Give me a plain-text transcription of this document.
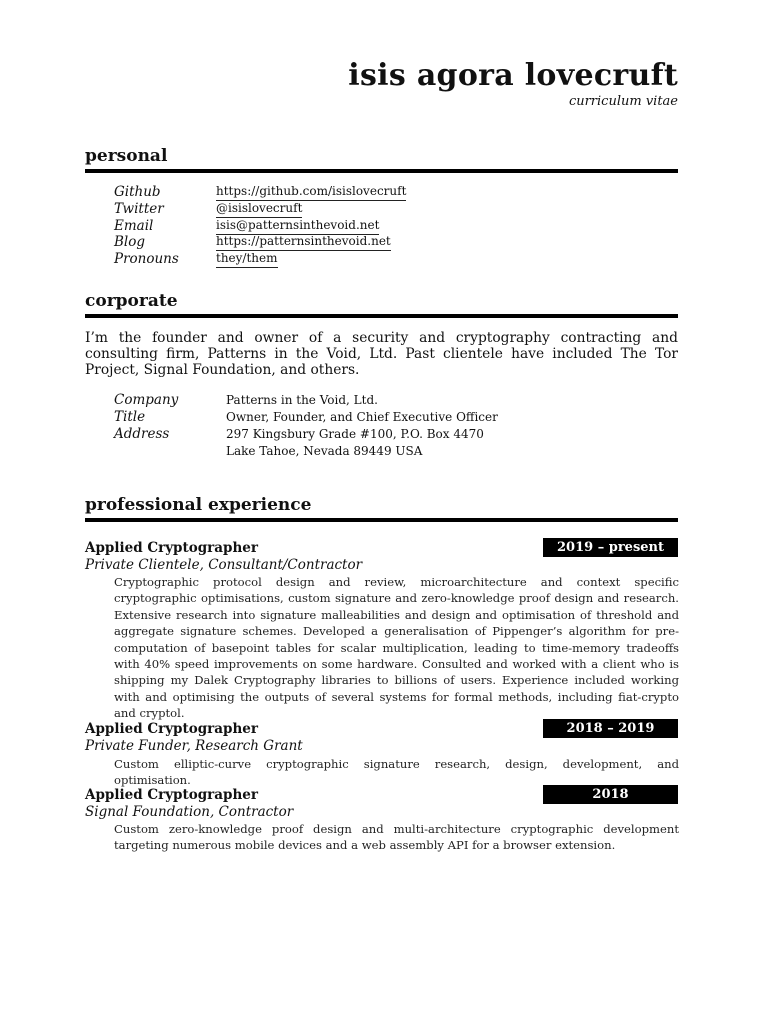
isis agora lovecruft
curriculum vitae
personal
Github	https://github.com/isislovecruft
Twitter	@isislovecruft
Email	isis@patternsinthevoid.net
Blog	https://patternsinthevoid.net
Pronouns	they/them
corporate
I’m the founder and owner of a security and cryptography contracting and consulting firm, Patterns in the Void, Ltd. Past clientele have included The Tor Project, Signal Foundation, and others.
Company	Patterns in the Void, Ltd.
Title	Owner, Founder, and Chief Executive Officer
Address	297 Kingsbury Grade #100, P.O. Box 4470
Lake Tahoe, Nevada 89449 USA
professional experience
Applied Cryptographer	2019 – present
Private Clientele, Consultant/Contractor
Cryptographic protocol design and review, microarchitecture and context specific cryptographic optimisations, custom signature and zero-knowledge proof design and research. Extensive research into signature malleabilities and design and optimisation of threshold and aggregate signature schemes. Developed a generalisation of Pippenger’s algorithm for pre-computation of basepoint tables for scalar multiplication, leading to time-memory tradeoffs with 40% speed improvements on some hardware. Consulted and worked with a client who is shipping my Dalek Cryptography libraries to billions of users. Experience included working with and optimising the outputs of several systems for formal methods, including fiat-crypto and cryptol.
Applied Cryptographer	2018 – 2019
Private Funder, Research Grant
Custom elliptic-curve cryptographic signature research, design, development, and optimisation.
Applied Cryptographer	2018
Signal Foundation, Contractor
Custom zero-knowledge proof design and multi-architecture cryptographic development targeting numerous mobile devices and a web assembly API for a browser extension.
